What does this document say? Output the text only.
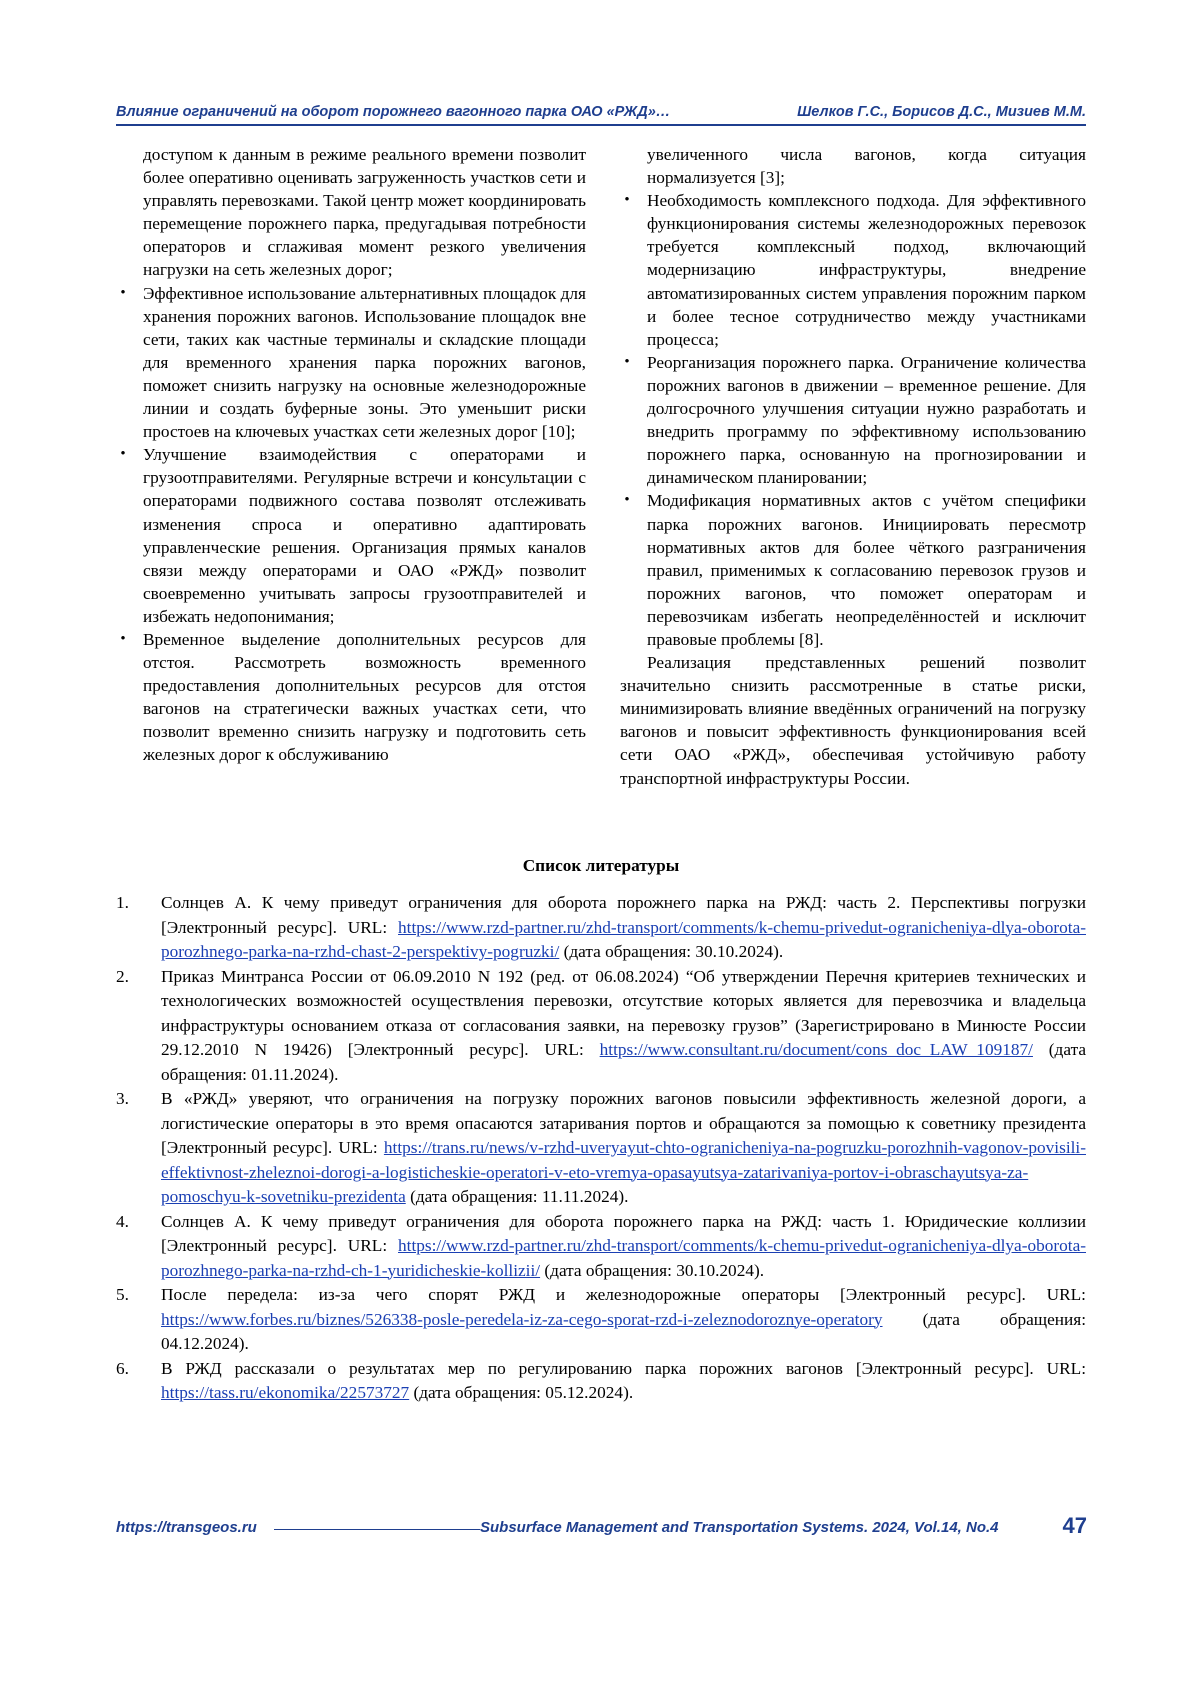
Влияние ограничений на оборот порожнего вагонного парка ОАО «РЖД»…	Шелков Г.С., Борисов Д.С., Мизиев М.М.

доступом к данным в режиме реального времени позволит более оперативно оценивать загруженность участков сети и управлять перевозками. Такой центр может координировать перемещение порожнего парка, предугадывая потребности операторов и сглаживая момент резкого увеличения нагрузки на сеть железных дорог;

• Эффективное использование альтернативных площадок для хранения порожних вагонов. Использование площадок вне сети, таких как частные терминалы и складские площади для временного хранения парка порожних вагонов, поможет снизить нагрузку на основные железнодорожные линии и создать буферные зоны. Это уменьшит риски простоев на ключевых участках сети железных дорог [10];
• Улучшение взаимодействия с операторами и грузоотправителями. Регулярные встречи и консультации с операторами подвижного состава позволят отслеживать изменения спроса и оперативно адаптировать управленческие решения. Организация прямых каналов связи между операторами и ОАО «РЖД» позволит своевременно учитывать запросы грузоотправителей и избежать недопонимания;
• Временное выделение дополнительных ресурсов для отстоя. Рассмотреть возможность временного предоставления дополнительных ресурсов для отстоя вагонов на стратегически важных участках сети, что позволит временно снизить нагрузку и подготовить сеть железных дорог к обслуживанию

увеличенного числа вагонов, когда ситуация нормализуется [3];

• Необходимость комплексного подхода. Для эффективного функционирования системы железнодорожных перевозок требуется комплексный подход, включающий модернизацию инфраструктуры, внедрение автоматизированных систем управления порожним парком и более тесное сотрудничество между участниками процесса;
• Реорганизация порожнего парка. Ограничение количества порожних вагонов в движении – временное решение. Для долгосрочного улучшения ситуации нужно разработать и внедрить программу по эффективному использованию порожнего парка, основанную на прогнозировании и динамическом планировании;
• Модификация нормативных актов с учётом специфики парка порожних вагонов. Инициировать пересмотр нормативных актов для более чёткого разграничения правил, применимых к согласованию перевозок грузов и порожних вагонов, что поможет операторам и перевозчикам избегать неопределённостей и исключит правовые проблемы [8].

Реализация представленных решений позволит значительно снизить рассмотренные в статье риски, минимизировать влияние введённых ограничений на погрузку вагонов и повысит эффективность функционирования всей сети ОАО «РЖД», обеспечивая устойчивую работу транспортной инфраструктуры России.

Список литературы

1. Солнцев А. К чему приведут ограничения для оборота порожнего парка на РЖД: часть 2. Перспективы погрузки [Электронный ресурс]. URL: https://www.rzd-partner.ru/zhd-transport/comments/k-chemu-privedut-ogranicheniya-dlya-oborota-porozhnego-parka-na-rzhd-chast-2-perspektivy-pogruzki/ (дата обращения: 30.10.2024).

2. Приказ Минтранса России от 06.09.2010 N 192 (ред. от 06.08.2024) “Об утверждении Перечня критериев технических и технологических возможностей осуществления перевозки, отсутствие которых является для перевозчика и владельца инфраструктуры основанием отказа от согласования заявки, на перевозку грузов” (Зарегистрировано в Минюсте России 29.12.2010 N 19426) [Электронный ресурс]. URL: https://www.consultant.ru/document/cons_doc_LAW_109187/ (дата обращения: 01.11.2024).

3. В «РЖД» уверяют, что ограничения на погрузку порожних вагонов повысили эффективность железной дороги, а логистические операторы в это время опасаются затаривания портов и обращаются за помощью к советнику президента [Электронный ресурс]. URL: https://trans.ru/news/v-rzhd-uveryayut-chto-ogranicheniya-na-pogruzku-porozhnih-vagonov-povisili-effektivnost-zheleznoi-dorogi-a-logisticheskie-operatori-v-eto-vremya-opasayutsya-zatarivaniya-portov-i-obraschayutsya-za-pomoschyu-k-sovetniku-prezidenta (дата обращения: 11.11.2024).

4. Солнцев А. К чему приведут ограничения для оборота порожнего парка на РЖД: часть 1. Юридические коллизии [Электронный ресурс]. URL: https://www.rzd-partner.ru/zhd-transport/comments/k-chemu-privedut-ogranicheniya-dlya-oborota-porozhnego-parka-na-rzhd-ch-1-yuridicheskie-kollizii/ (дата обращения: 30.10.2024).

5. После передела: из-за чего спорят РЖД и железнодорожные операторы [Электронный ресурс]. URL: https://www.forbes.ru/biznes/526338-posle-peredela-iz-za-cego-sporat-rzd-i-zeleznodoroznye-operatory (дата обращения: 04.12.2024).

6. В РЖД рассказали о результатах мер по регулированию парка порожних вагонов [Электронный ресурс]. URL: https://tass.ru/ekonomika/22573727 (дата обращения: 05.12.2024).

https://transgeos.ru	Subsurface Management and Transportation Systems. 2024, Vol.14, No.4	47
